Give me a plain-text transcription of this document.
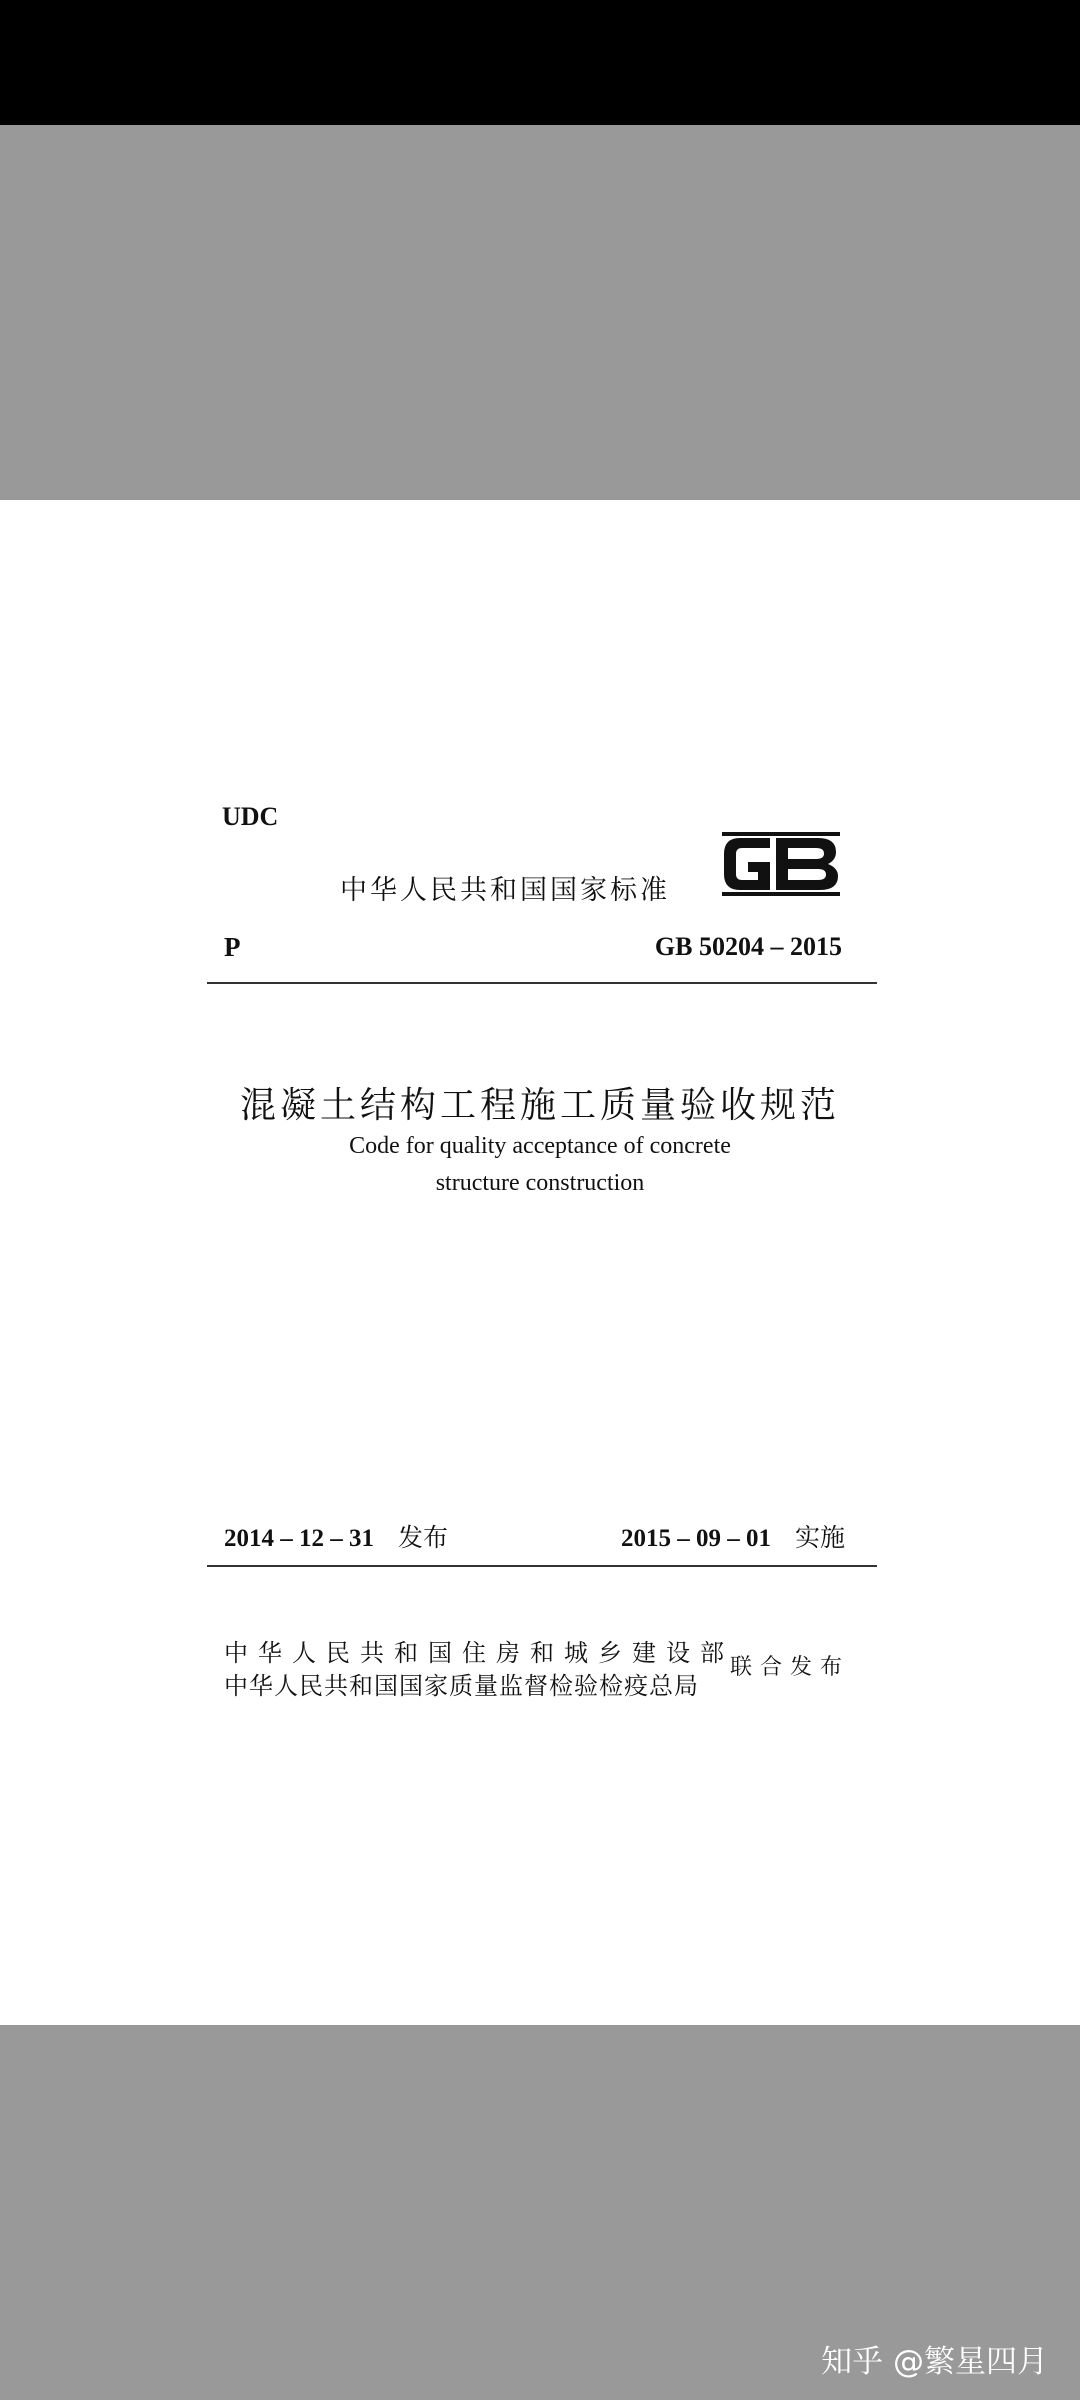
UDC
中华人民共和国国家标准
P	GB 50204 – 2015
混凝土结构工程施工质量验收规范
Code for quality acceptance of concrete
structure construction
2014 – 12 – 31 发布	2015 – 09 – 01 实施
中华人民共和国住房和城乡建设部
中华人民共和国国家质量监督检验检疫总局
联合发布
知乎 @繁星四月
